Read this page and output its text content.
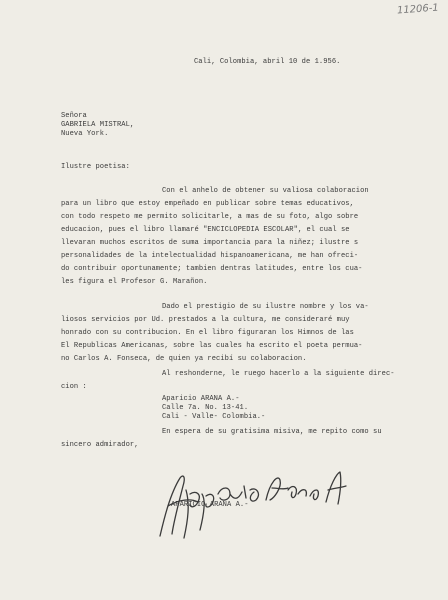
11206-1
Cali, Colombia, abril 10 de 1.956.
Señora
GABRIELA MISTRAL,
Nueva York.
Ilustre poetisa:
Con el anhelo de obtener su valiosa colaboracion
para un libro que estoy empeñado en publicar sobre temas educativos,
con todo respeto me permito solicitarle, a mas de su foto, algo sobre
educacion, pues el libro llamaré "ENCICLOPEDIA ESCOLAR", el cual se
llevaran muchos escritos de suma importancia para la niñez; ilustre s
personalidades de la intelectualidad hispanoamericana, me han ofreci-
do contribuir oportunamente; tambien dentras latitudes, entre los cua-
les figura el Profesor G. Marañon.
Dado el prestigio de su ilustre nombre y los va-
liosos servicios por Ud. prestados a la cultura, me consideraré muy
honrado con su contribucion. En el libro figuraran los Himnos de las
El Republicas Americanas, sobre las cuales ha escrito el poeta permua-
no Carlos A. Fonseca, de quien ya recibí su colaboracion.
Al reshonderne, le ruego hacerlo a la siguiente direc-
cion :
Aparicio ARANA A.-
Calle 7a. No. 13-41.
Cali - Valle- Colombia.-
En espera de su gratisima misiva, me repito como su
sincero admirador,
APARICIO ARANA A.-
